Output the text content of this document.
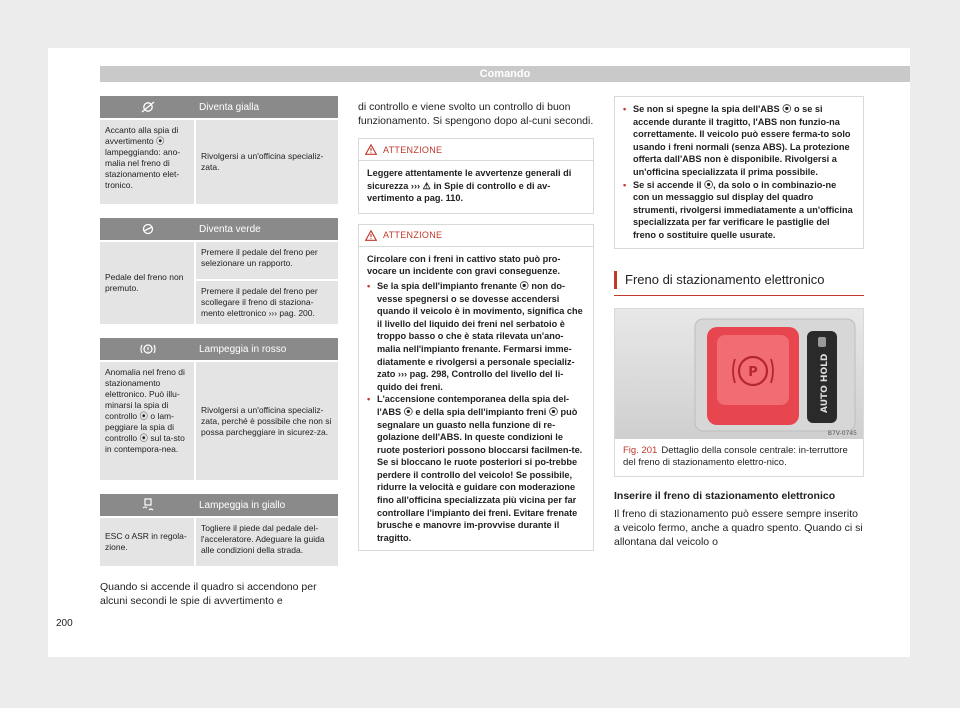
Comando
Diventa gialla
Accanto alla spia di avvertimento ⦿ lampeggiando: ano-malia nel freno di stazionamento elet-tronico.
Rivolgersi a un'officina specializ-zata.
Diventa verde
Pedale del freno non premuto.
Premere il pedale del freno per selezionare un rapporto.
Premere il pedale del freno per scollegare il freno di staziona-mento elettronico ››› pag. 200.
Lampeggia in rosso
Anomalia nel freno di stazionamento elettronico. Può illu-minarsi la spia di controllo ⦿ o lam-peggiare la spia di controllo ⦿ sul ta-sto in contempora-nea.
Rivolgersi a un'officina specializ-zata, perché è possibile che non si possa parcheggiare in sicurez-za.
Lampeggia in giallo
ESC o ASR in regola-zione.
Togliere il piede dal pedale del-l'acceleratore. Adeguare la guida alle condizioni della strada.
Quando si accende il quadro si accendono per alcuni secondi le spie di avvertimento e
di controllo e viene svolto un controllo di buon funzionamento. Si spengono dopo al-cuni secondi.
ATTENZIONE

Leggere attentamente le avvertenze generali di sicurezza ››› ⚠ in Spie di controllo e di av-vertimento a pag. 110.

ATTENZIONE

Circolare con i freni in cattivo stato può pro-vocare un incidente con gravi conseguenze.

• Se la spia dell'impianto frenante ⦿ non do-vesse spegnersi o se dovesse accendersi quando il veicolo è in movimento, significa che il livello del liquido dei freni nel serbatoio è troppo basso o che è stata rilevata un'ano-malia nell'impianto frenante. Fermarsi imme-diatamente e rivolgersi a personale specializ-zato ››› pag. 298, Controllo del livello del li-quido dei freni.
• L'accensione contemporanea della spia del-l'ABS ⦿ e della spia dell'impianto freni ⦿ può segnalare un guasto nella funzione di re-golazione dell'ABS. In queste condizioni le ruote posteriori possono bloccarsi facilmen-te. Se si bloccano le ruote posteriori si po-trebbe perdere il controllo del veicolo! Se possibile, ridurre la velocità e guidare con moderazione fino all'officina specializzata più vicina per far controllare l'impianto dei freni. Evitare frenate brusche e manovre im-provvise durante il tragitto.
• Se non si spegne la spia dell'ABS ⦿ o se si accende durante il tragitto, l'ABS non funzio-na correttamente. Il veicolo può essere ferma-to solo usando i freni normali (senza ABS). La protezione offerta dall'ABS non è disponibile. Rivolgersi a un'officina specializzata il prima possibile.
• Se si accende il ⦿, da solo o in combinazio-ne con un messaggio sul display del quadro strumenti, rivolgersi immediatamente a un'officina specializzata per far verificare le pastiglie del freno o sostituire quelle usurate.
Freno di stazionamento elettronico
P	AUTO HOLD
B7V-0745
Fig. 201 Dettaglio della console centrale: in-terruttore del freno di stazionamento elettro-nico.
Inserire il freno di stazionamento elettronico
Il freno di stazionamento può essere sempre inserito a veicolo fermo, anche a quadro spento. Quando ci si allontana dal veicolo o
200
